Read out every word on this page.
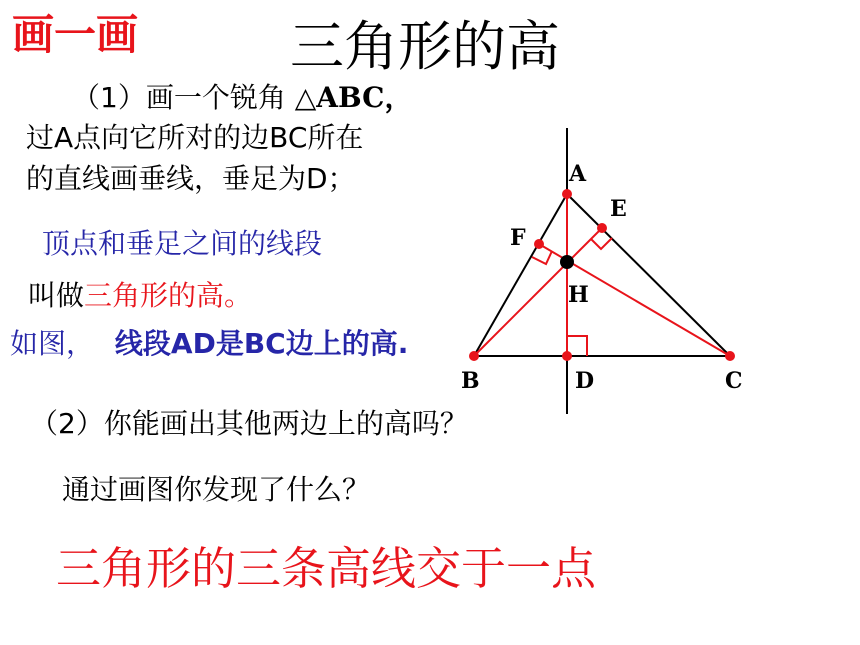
画一画	三角形的高
（1）画一个锐角 △ABC，
过A点向它所对的边BC所在
的直线画垂线，垂足为D；
顶点和垂足之间的线段
叫做三角形的高。
如图， 线段AD是BC边上的高.
（2）你能画出其他两边上的高吗？
通过画图你发现了什么？
三角形的三条高线交于一点
A
E
F
H
B	D	C
